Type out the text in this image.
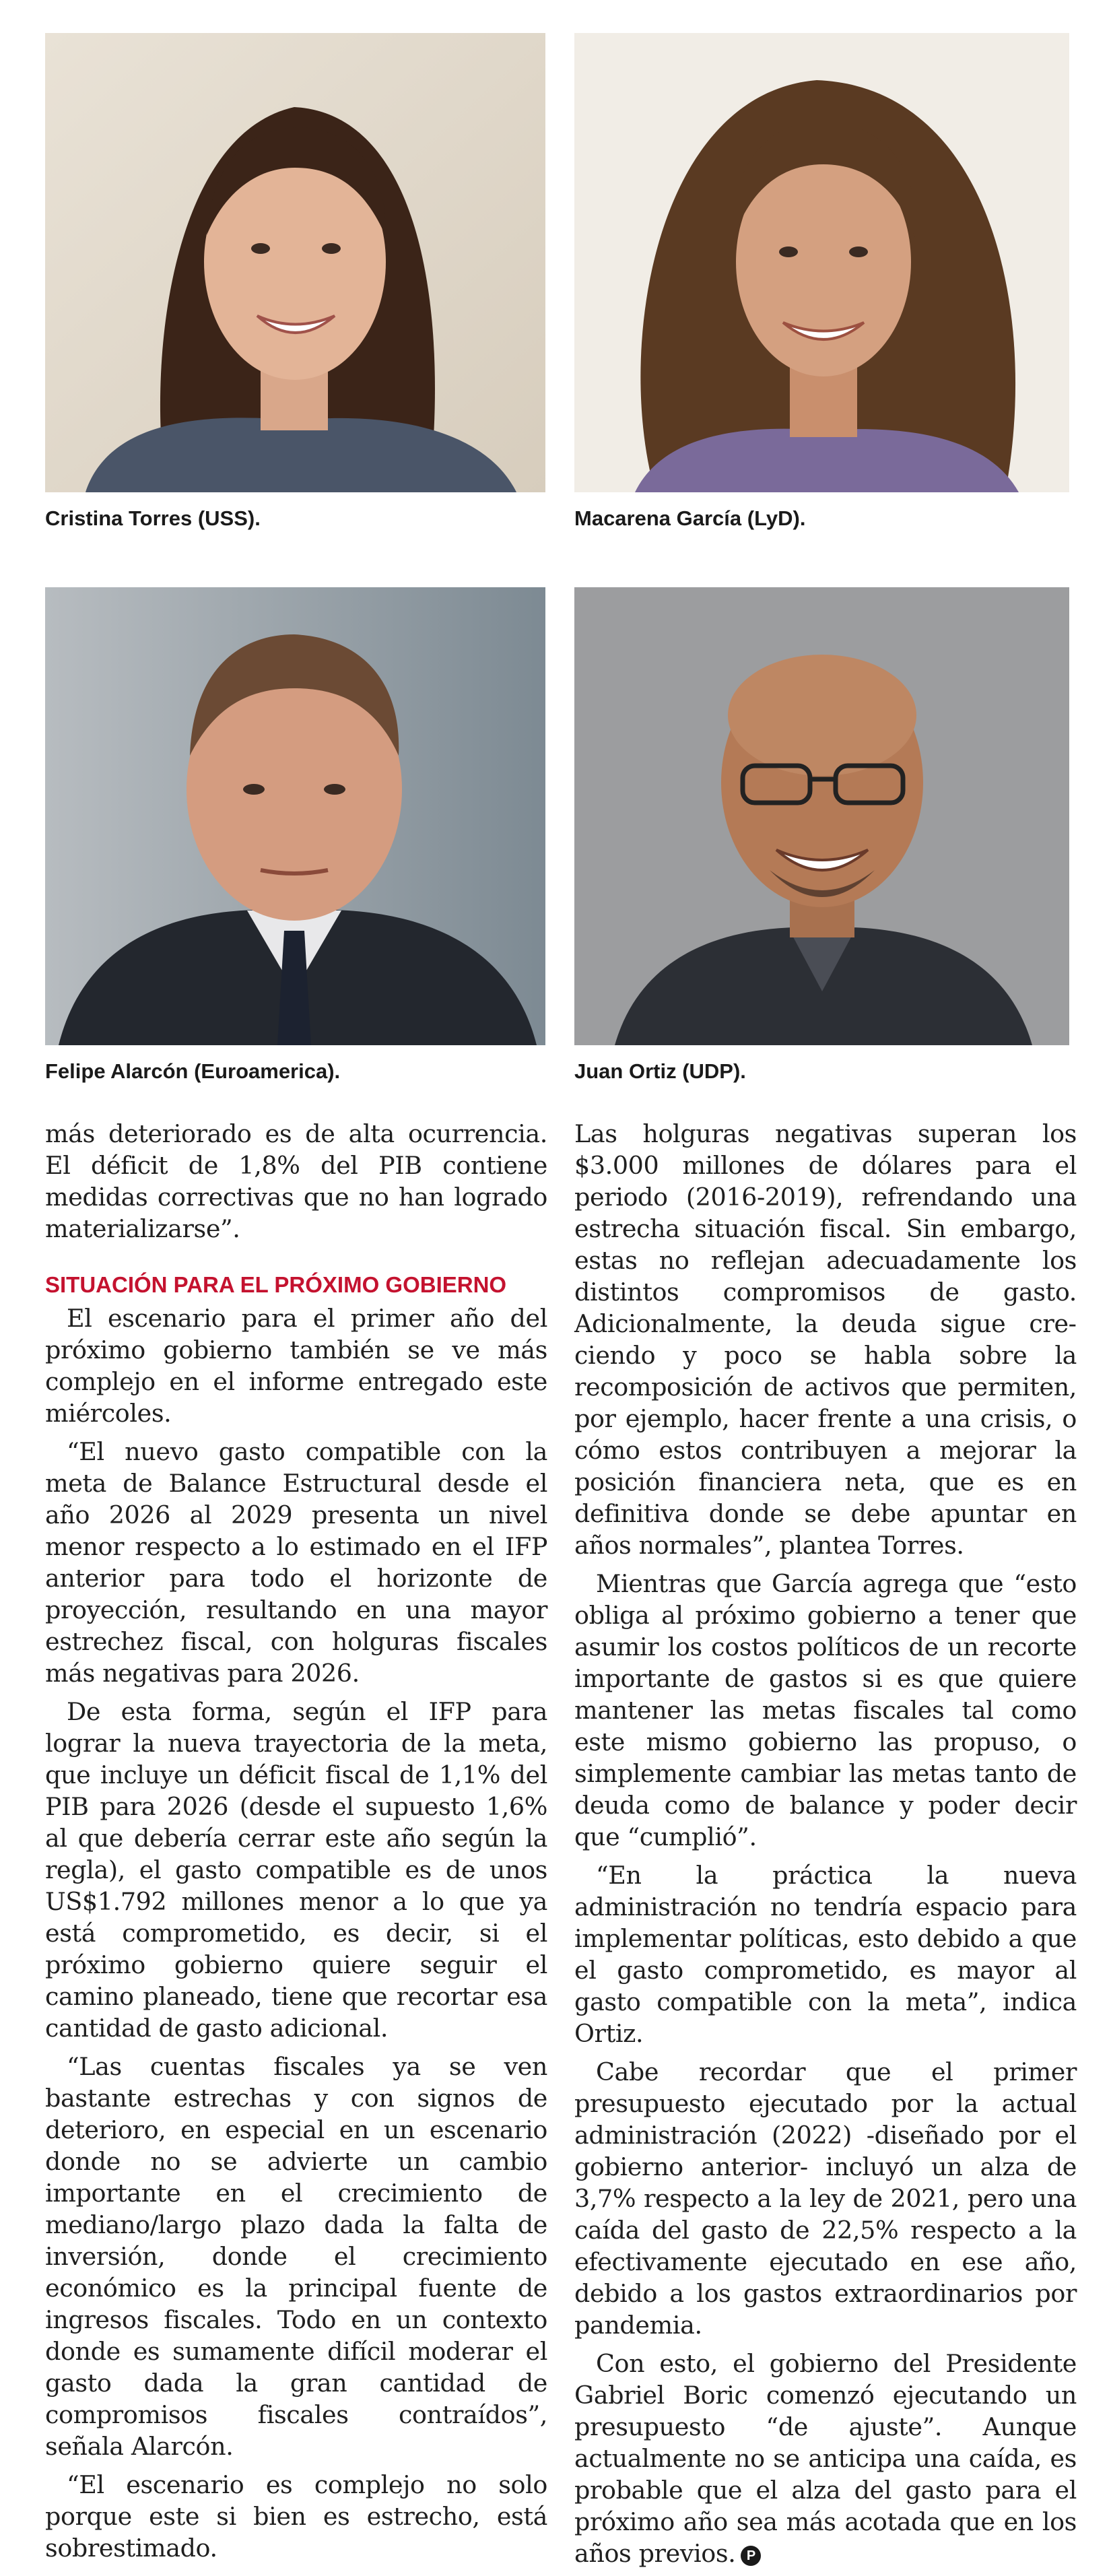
Cristina Torres (USS).	Macarena García (LyD).
Felipe Alarcón (Euroamerica).	Juan Ortiz (UDP).

más deteriorado es de alta ocurrencia. El déficit de 1,8% del PIB contiene medidas correctivas que no han logrado materializarse”.

SITUACIÓN PARA EL PRÓXIMO GOBIERNO

El escenario para el primer año del próximo gobierno también se ve más complejo en el informe entregado este miércoles.

“El nuevo gasto compatible con la meta de Balance Estructural desde el año 2026 al 2029 presenta un nivel menor respecto a lo estimado en el IFP anterior para todo el horizonte de proyección, resultando en una mayor estrechez fiscal, con holguras fiscales más negativas para 2026.

De esta forma, según el IFP para lograr la nueva trayectoria de la meta, que incluye un déficit fiscal de 1,1% del PIB para 2026 (desde el supuesto 1,6% al que debería cerrar este año según la regla), el gasto compatible es de unos US$1.792 millones menor a lo que ya está comprometido, es decir, si el próximo gobierno quiere seguir el camino planeado, tiene que recortar esa cantidad de gasto adicional.

“Las cuentas fiscales ya se ven bastante estrechas y con signos de deterioro, en especial en un escenario donde no se advierte un cambio importante en el crecimiento de mediano/largo plazo dada la falta de inversión, donde el crecimiento económico es la principal fuente de ingresos fiscales. Todo en un contexto donde es sumamente difícil moderar el gasto dada la gran cantidad de compromisos fiscales contraídos”, señala Alarcón.

“El escenario es complejo no solo porque este si bien es estrecho, está sobrestimado.

Las holguras negativas superan los $3.000 millones de dólares para el periodo (2016-2019), refrendando una estrecha situación fiscal. Sin embargo, estas no reflejan adecuadamente los distintos compromisos de gasto. Adicionalmente, la deuda sigue creciendo y poco se habla sobre la recomposición de activos que permiten, por ejemplo, hacer frente a una crisis, o cómo estos contribuyen a mejorar la posición financiera neta, que es en definitiva donde se debe apuntar en años normales”, plantea Torres.

Mientras que García agrega que “esto obliga al próximo gobierno a tener que asumir los costos políticos de un recorte importante de gastos si es que quiere mantener las metas fiscales tal como este mismo gobierno las propuso, o simplemente cambiar las metas tanto de deuda como de balance y poder decir que “cumplió”.

“En la práctica la nueva administración no tendría espacio para implementar políticas, esto debido a que el gasto comprometido, es mayor al gasto compatible con la meta”, indica Ortiz.

Cabe recordar que el primer presupuesto ejecutado por la actual administración (2022) -diseñado por el gobierno anterior- incluyó un alza de 3,7% respecto a la ley de 2021, pero una caída del gasto de 22,5% respecto a la efectivamente ejecutado en ese año, debido a los gastos extraordinarios por pandemia.

Con esto, el gobierno del Presidente Gabriel Boric comenzó ejecutando un presupuesto “de ajuste”. Aunque actualmente no se anticipa una caída, es probable que el alza del gasto para el próximo año sea más acotada que en los años previos. P
